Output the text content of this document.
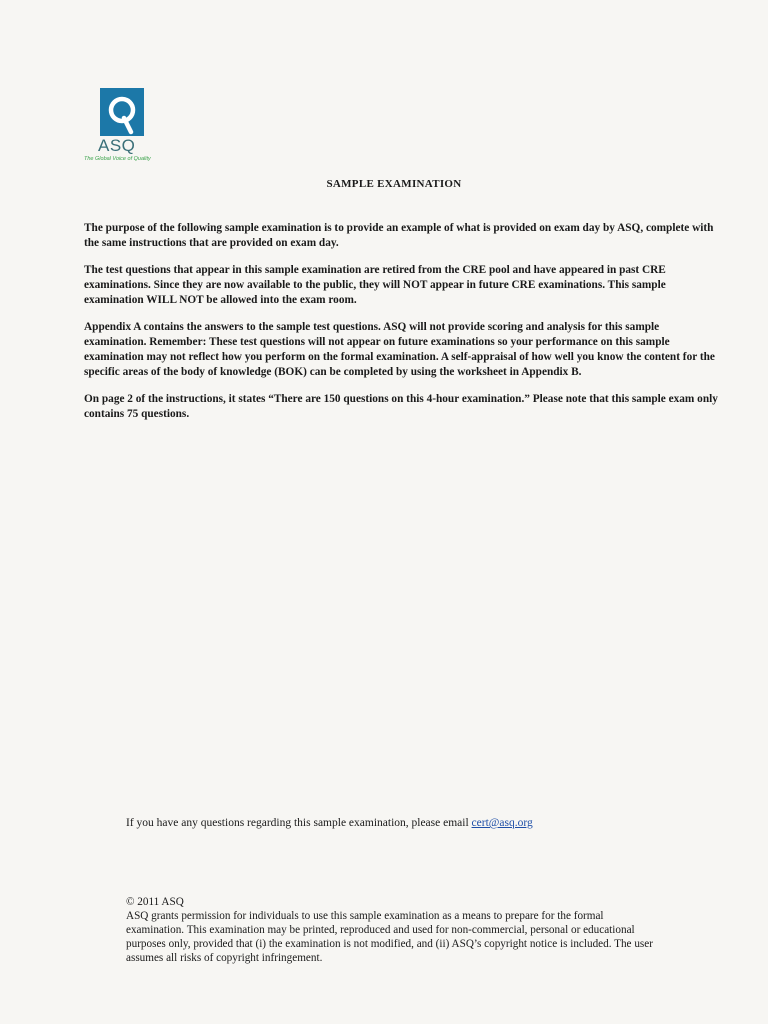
ASQ
The Global Voice of Quality
SAMPLE EXAMINATION

The purpose of the following sample examination is to provide an example of what is provided on exam day by ASQ, complete with the same instructions that are provided on exam day.

The test questions that appear in this sample examination are retired from the CRE pool and have appeared in past CRE examinations. Since they are now available to the public, they will NOT appear in future CRE examinations. This sample examination WILL NOT be allowed into the exam room.

Appendix A contains the answers to the sample test questions. ASQ will not provide scoring and analysis for this sample examination. Remember: These test questions will not appear on future examinations so your performance on this sample examination may not reflect how you perform on the formal examination. A self-appraisal of how well you know the content for the specific areas of the body of knowledge (BOK) can be completed by using the worksheet in Appendix B.

On page 2 of the instructions, it states “There are 150 questions on this 4-hour examination.” Please note that this sample exam only contains 75 questions.

If you have any questions regarding this sample examination, please email cert@asq.org

© 2011 ASQ

ASQ grants permission for individuals to use this sample examination as a means to prepare for the formal examination. This examination may be printed, reproduced and used for non-commercial, personal or educational purposes only, provided that (i) the examination is not modified, and (ii) ASQ’s copyright notice is included. The user assumes all risks of copyright infringement.
